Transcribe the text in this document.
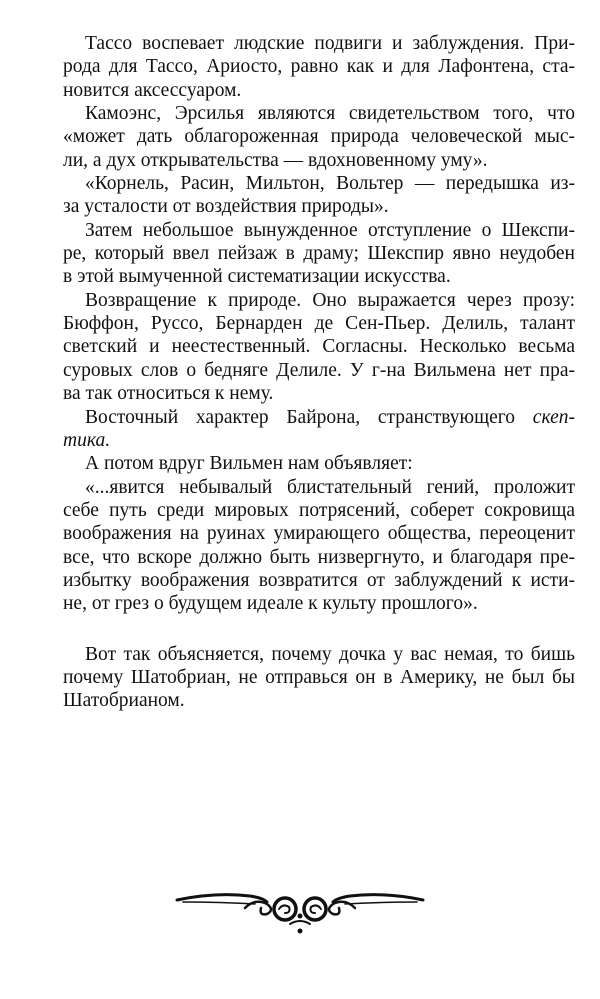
Тассо воспевает людские подвиги и заблуждения. При-
рода для Тассо, Ариосто, равно как и для Лафонтена, ста-
новится аксессуаром.
Камоэнс, Эрсилья являются свидетельством того, что
«может дать облагороженная природа человеческой мыс-
ли, а дух открывательства — вдохновенному уму».
«Корнель, Расин, Мильтон, Вольтер — передышка из-
за усталости от воздействия природы».
Затем небольшое вынужденное отступление о Шекспи-
ре, который ввел пейзаж в драму; Шекспир явно неудобен
в этой вымученной систематизации искусства.
Возвращение к природе. Оно выражается через прозу:
Бюффон, Руссо, Бернарден де Сен-Пьер. Делиль, талант
светский и неестественный. Согласны. Несколько весьма
суровых слов о бедняге Делиле. У г-на Вильмена нет пра-
ва так относиться к нему.
Восточный характер Байрона, странствующего скеп-
тика.
А потом вдруг Вильмен нам объявляет:
«...явится небывалый блистательный гений, проложит
себе путь среди мировых потрясений, соберет сокровища
воображения на руинах умирающего общества, переоценит
все, что вскоре должно быть низвергнуто, и благодаря пре-
избытку воображения возвратится от заблуждений к исти-
не, от грез о будущем идеале к культу прошлого».
Вот так объясняется, почему дочка у вас немая, то бишь
почему Шатобриан, не отправься он в Америку, не был бы
Шатобрианом.
